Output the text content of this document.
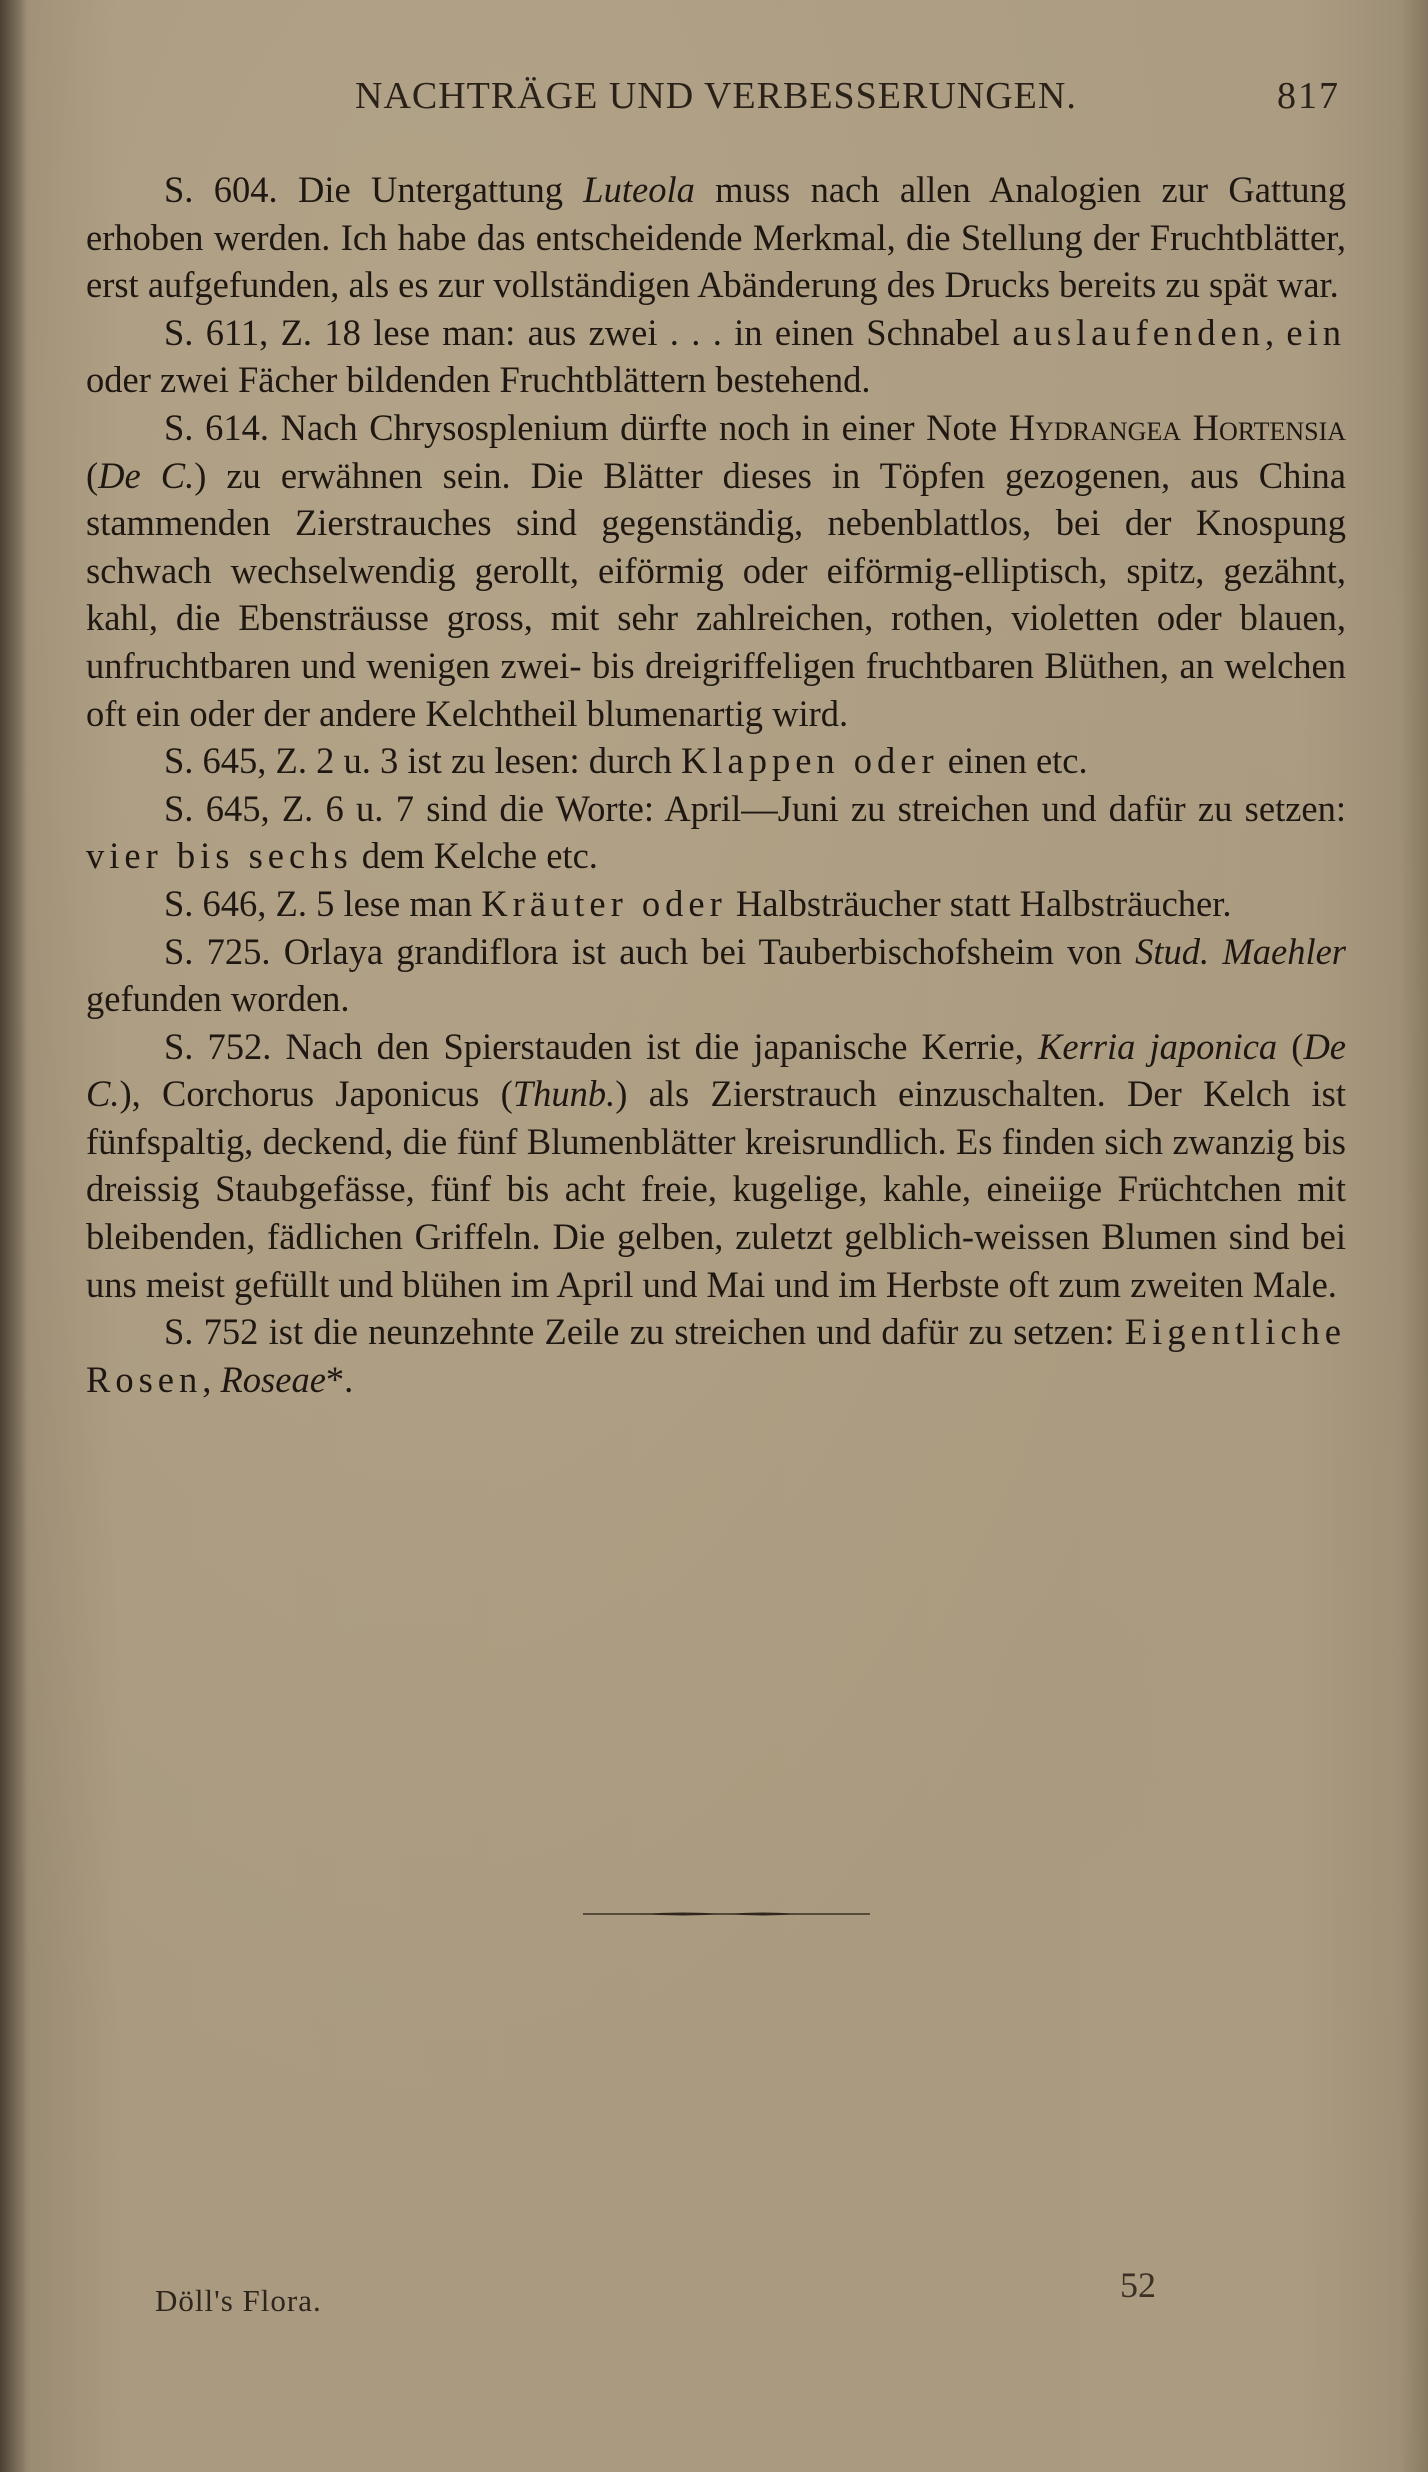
NACHTRÄGE UND VERBESSERUNGEN.	817

S. 604. Die Untergattung Luteola muss nach allen Analogien zur Gattung erhoben werden. Ich habe das entscheidende Merkmal, die Stellung der Fruchtblätter, erst aufgefunden, als es zur vollständigen Abänderung des Drucks bereits zu spät war.

S. 611, Z. 18 lese man: aus zwei . . . in einen Schnabel auslaufenden, ein oder zwei Fächer bildenden Fruchtblättern bestehend.

S. 614. Nach Chrysosplenium dürfte noch in einer Note Hydrangea Hortensia (De C.) zu erwähnen sein. Die Blätter dieses in Töpfen gezogenen, aus China stammenden Zierstrauches sind gegenständig, nebenblattlos, bei der Knospung schwach wechselwendig gerollt, eiförmig oder eiförmig-elliptisch, spitz, gezähnt, kahl, die Ebensträusse gross, mit sehr zahlreichen, rothen, violetten oder blauen, unfruchtbaren und wenigen zwei- bis dreigriffeligen fruchtbaren Blüthen, an welchen oft ein oder der andere Kelchtheil blumenartig wird.

S. 645, Z. 2 u. 3 ist zu lesen: durch Klappen oder einen etc.

S. 645, Z. 6 u. 7 sind die Worte: April—Juni zu streichen und dafür zu setzen: vier bis sechs dem Kelche etc.

S. 646, Z. 5 lese man Kräuter oder Halbsträucher statt Halbsträucher.

S. 725. Orlaya grandiflora ist auch bei Tauberbischofsheim von Stud. Maehler gefunden worden.

S. 752. Nach den Spierstauden ist die japanische Kerrie, Kerria japonica (De C.), Corchorus Japonicus (Thunb.) als Zierstrauch einzuschalten. Der Kelch ist fünfspaltig, deckend, die fünf Blumenblätter kreisrundlich. Es finden sich zwanzig bis dreissig Staubgefässe, fünf bis acht freie, kugelige, kahle, eineiige Früchtchen mit bleibenden, fädlichen Griffeln. Die gelben, zuletzt gelblich-weissen Blumen sind bei uns meist gefüllt und blühen im April und Mai und im Herbste oft zum zweiten Male.

S. 752 ist die neunzehnte Zeile zu streichen und dafür zu setzen: Eigentliche Rosen, Roseae*.

Döll's Flora.	52
